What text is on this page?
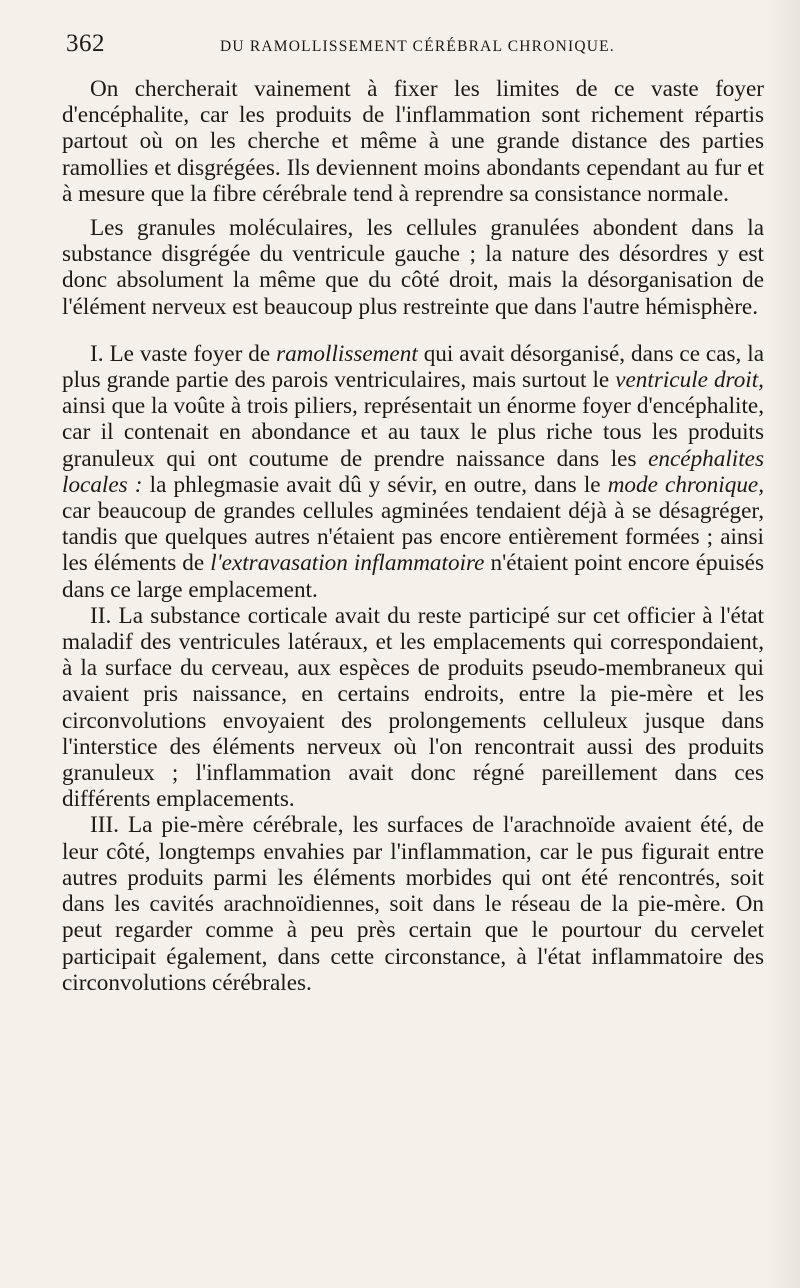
362	DU RAMOLLISSEMENT CÉRÉBRAL CHRONIQUE.

On chercherait vainement à fixer les limites de ce vaste foyer d'encéphalite, car les produits de l'inflammation sont richement répartis partout où on les cherche et même à une grande distance des parties ramollies et disgrégées. Ils deviennent moins abondants cependant au fur et à mesure que la fibre cérébrale tend à reprendre sa consistance normale.

Les granules moléculaires, les cellules granulées abondent dans la substance disgrégée du ventricule gauche ; la nature des désordres y est donc absolument la même que du côté droit, mais la désorganisation de l'élément nerveux est beaucoup plus restreinte que dans l'autre hémisphère.

I. Le vaste foyer de ramollissement qui avait désorganisé, dans ce cas, la plus grande partie des parois ventriculaires, mais surtout le ventricule droit, ainsi que la voûte à trois piliers, représentait un énorme foyer d'encéphalite, car il contenait en abondance et au taux le plus riche tous les produits granuleux qui ont coutume de prendre naissance dans les encéphalites locales : la phlegmasie avait dû y sévir, en outre, dans le mode chronique, car beaucoup de grandes cellules agminées tendaient déjà à se désagréger, tandis que quelques autres n'étaient pas encore entièrement formées ; ainsi les éléments de l'extravasation inflammatoire n'étaient point encore épuisés dans ce large emplacement.

II. La substance corticale avait du reste participé sur cet officier à l'état maladif des ventricules latéraux, et les emplacements qui correspondaient, à la surface du cerveau, aux espèces de produits pseudo-membraneux qui avaient pris naissance, en certains endroits, entre la pie-mère et les circonvolutions envoyaient des prolongements celluleux jusque dans l'interstice des éléments nerveux où l'on rencontrait aussi des produits granuleux ; l'inflammation avait donc régné pareillement dans ces différents emplacements.

III. La pie-mère cérébrale, les surfaces de l'arachnoïde avaient été, de leur côté, longtemps envahies par l'inflammation, car le pus figurait entre autres produits parmi les éléments morbides qui ont été rencontrés, soit dans les cavités arachnoïdiennes, soit dans le réseau de la pie-mère. On peut regarder comme à peu près certain que le pourtour du cervelet participait également, dans cette circonstance, à l'état inflammatoire des circonvolutions cérébrales.
